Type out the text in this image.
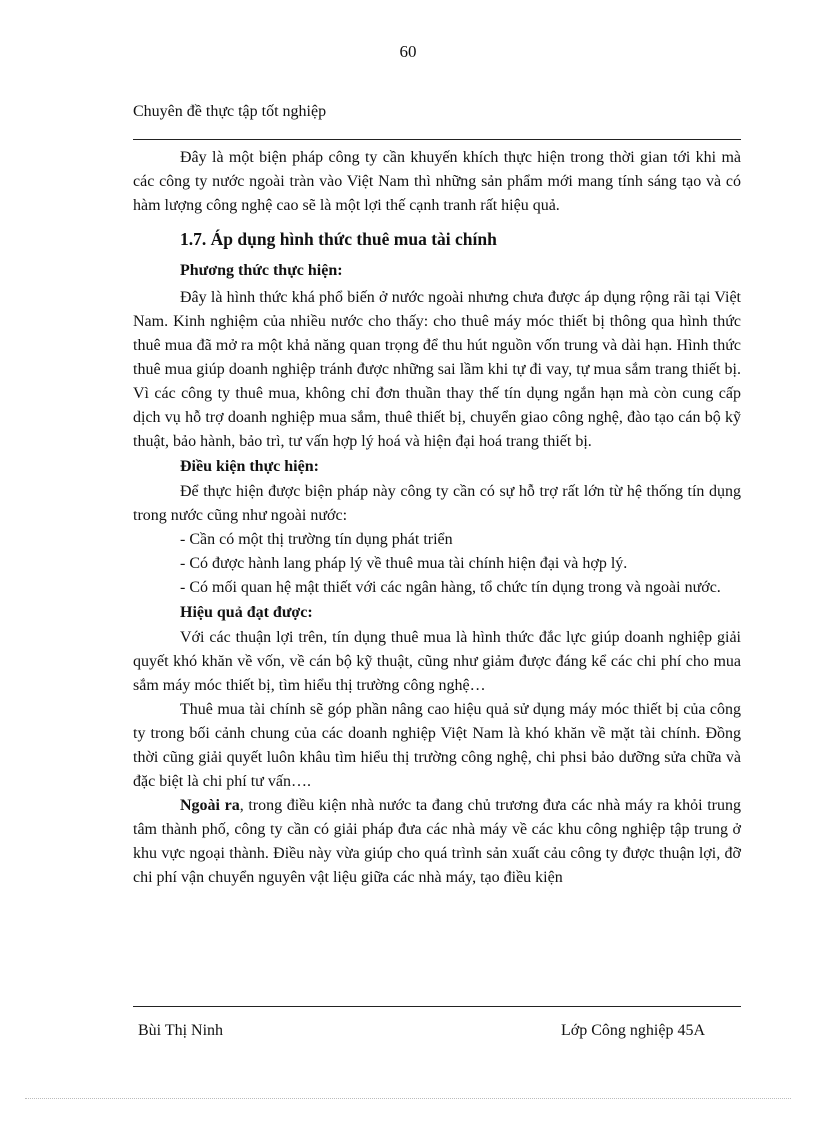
60
Chuyên đề thực tập tốt nghiệp

Đây là một biện pháp công ty cần khuyến khích thực hiện trong thời gian tới khi mà các công ty nước ngoài tràn vào Việt Nam thì những sản phẩm mới mang tính sáng tạo và có hàm lượng công nghệ cao sẽ là một lợi thế cạnh tranh rất hiệu quả.

1.7. Áp dụng hình thức thuê mua tài chính

Phương thức thực hiện:

Đây là hình thức khá phổ biến ở nước ngoài nhưng chưa được áp dụng rộng rãi tại Việt Nam. Kinh nghiệm của nhiều nước cho thấy: cho thuê máy móc thiết bị thông qua hình thức thuê mua đã mở ra một khả năng quan trọng để thu hút nguồn vốn trung và dài hạn. Hình thức thuê mua giúp doanh nghiệp tránh được những sai lầm khi tự đi vay, tự mua sắm trang thiết bị. Vì các công ty thuê mua, không chỉ đơn thuần thay thế tín dụng ngắn hạn mà còn cung cấp dịch vụ hỗ trợ doanh nghiệp mua sắm, thuê thiết bị, chuyển giao công nghệ, đào tạo cán bộ kỹ thuật, bảo hành, bảo trì, tư vấn hợp lý hoá và hiện đại hoá trang thiết bị.

Điều kiện thực hiện:

Để thực hiện được biện pháp này công ty cần có sự hỗ trợ rất lớn từ hệ thống tín dụng trong nước cũng như ngoài nước:

- Cần có một thị trường tín dụng phát triển

- Có được hành lang pháp lý về thuê mua tài chính hiện đại và hợp lý.

- Có mối quan hệ mật thiết với các ngân hàng, tổ chức tín dụng trong và ngoài nước.

Hiệu quả đạt được:

Với các thuận lợi trên, tín dụng thuê mua là hình thức đắc lực giúp doanh nghiệp giải quyết khó khăn về vốn, về cán bộ kỹ thuật, cũng như giảm được đáng kể các chi phí cho mua sắm máy móc thiết bị, tìm hiểu thị trường công nghệ…

Thuê mua tài chính sẽ góp phần nâng cao hiệu quả sử dụng máy móc thiết bị của công ty trong bối cảnh chung của các doanh nghiệp Việt Nam là khó khăn về mặt tài chính. Đồng thời cũng giải quyết luôn khâu tìm hiểu thị trường công nghệ, chi phsi bảo dưỡng sửa chữa và đặc biệt là chi phí tư vấn….

Ngoài ra, trong điều kiện nhà nước ta đang chủ trương đưa các nhà máy ra khỏi trung tâm thành phố, công ty cần có giải pháp đưa các nhà máy về các khu công nghiệp tập trung ở khu vực ngoại thành. Điều này vừa giúp cho quá trình sản xuất cảu công ty được thuận lợi, đỡ chi phí vận chuyển nguyên vật liệu giữa các nhà máy, tạo điều kiện

Bùi Thị Ninh	Lớp Công nghiệp 45A
